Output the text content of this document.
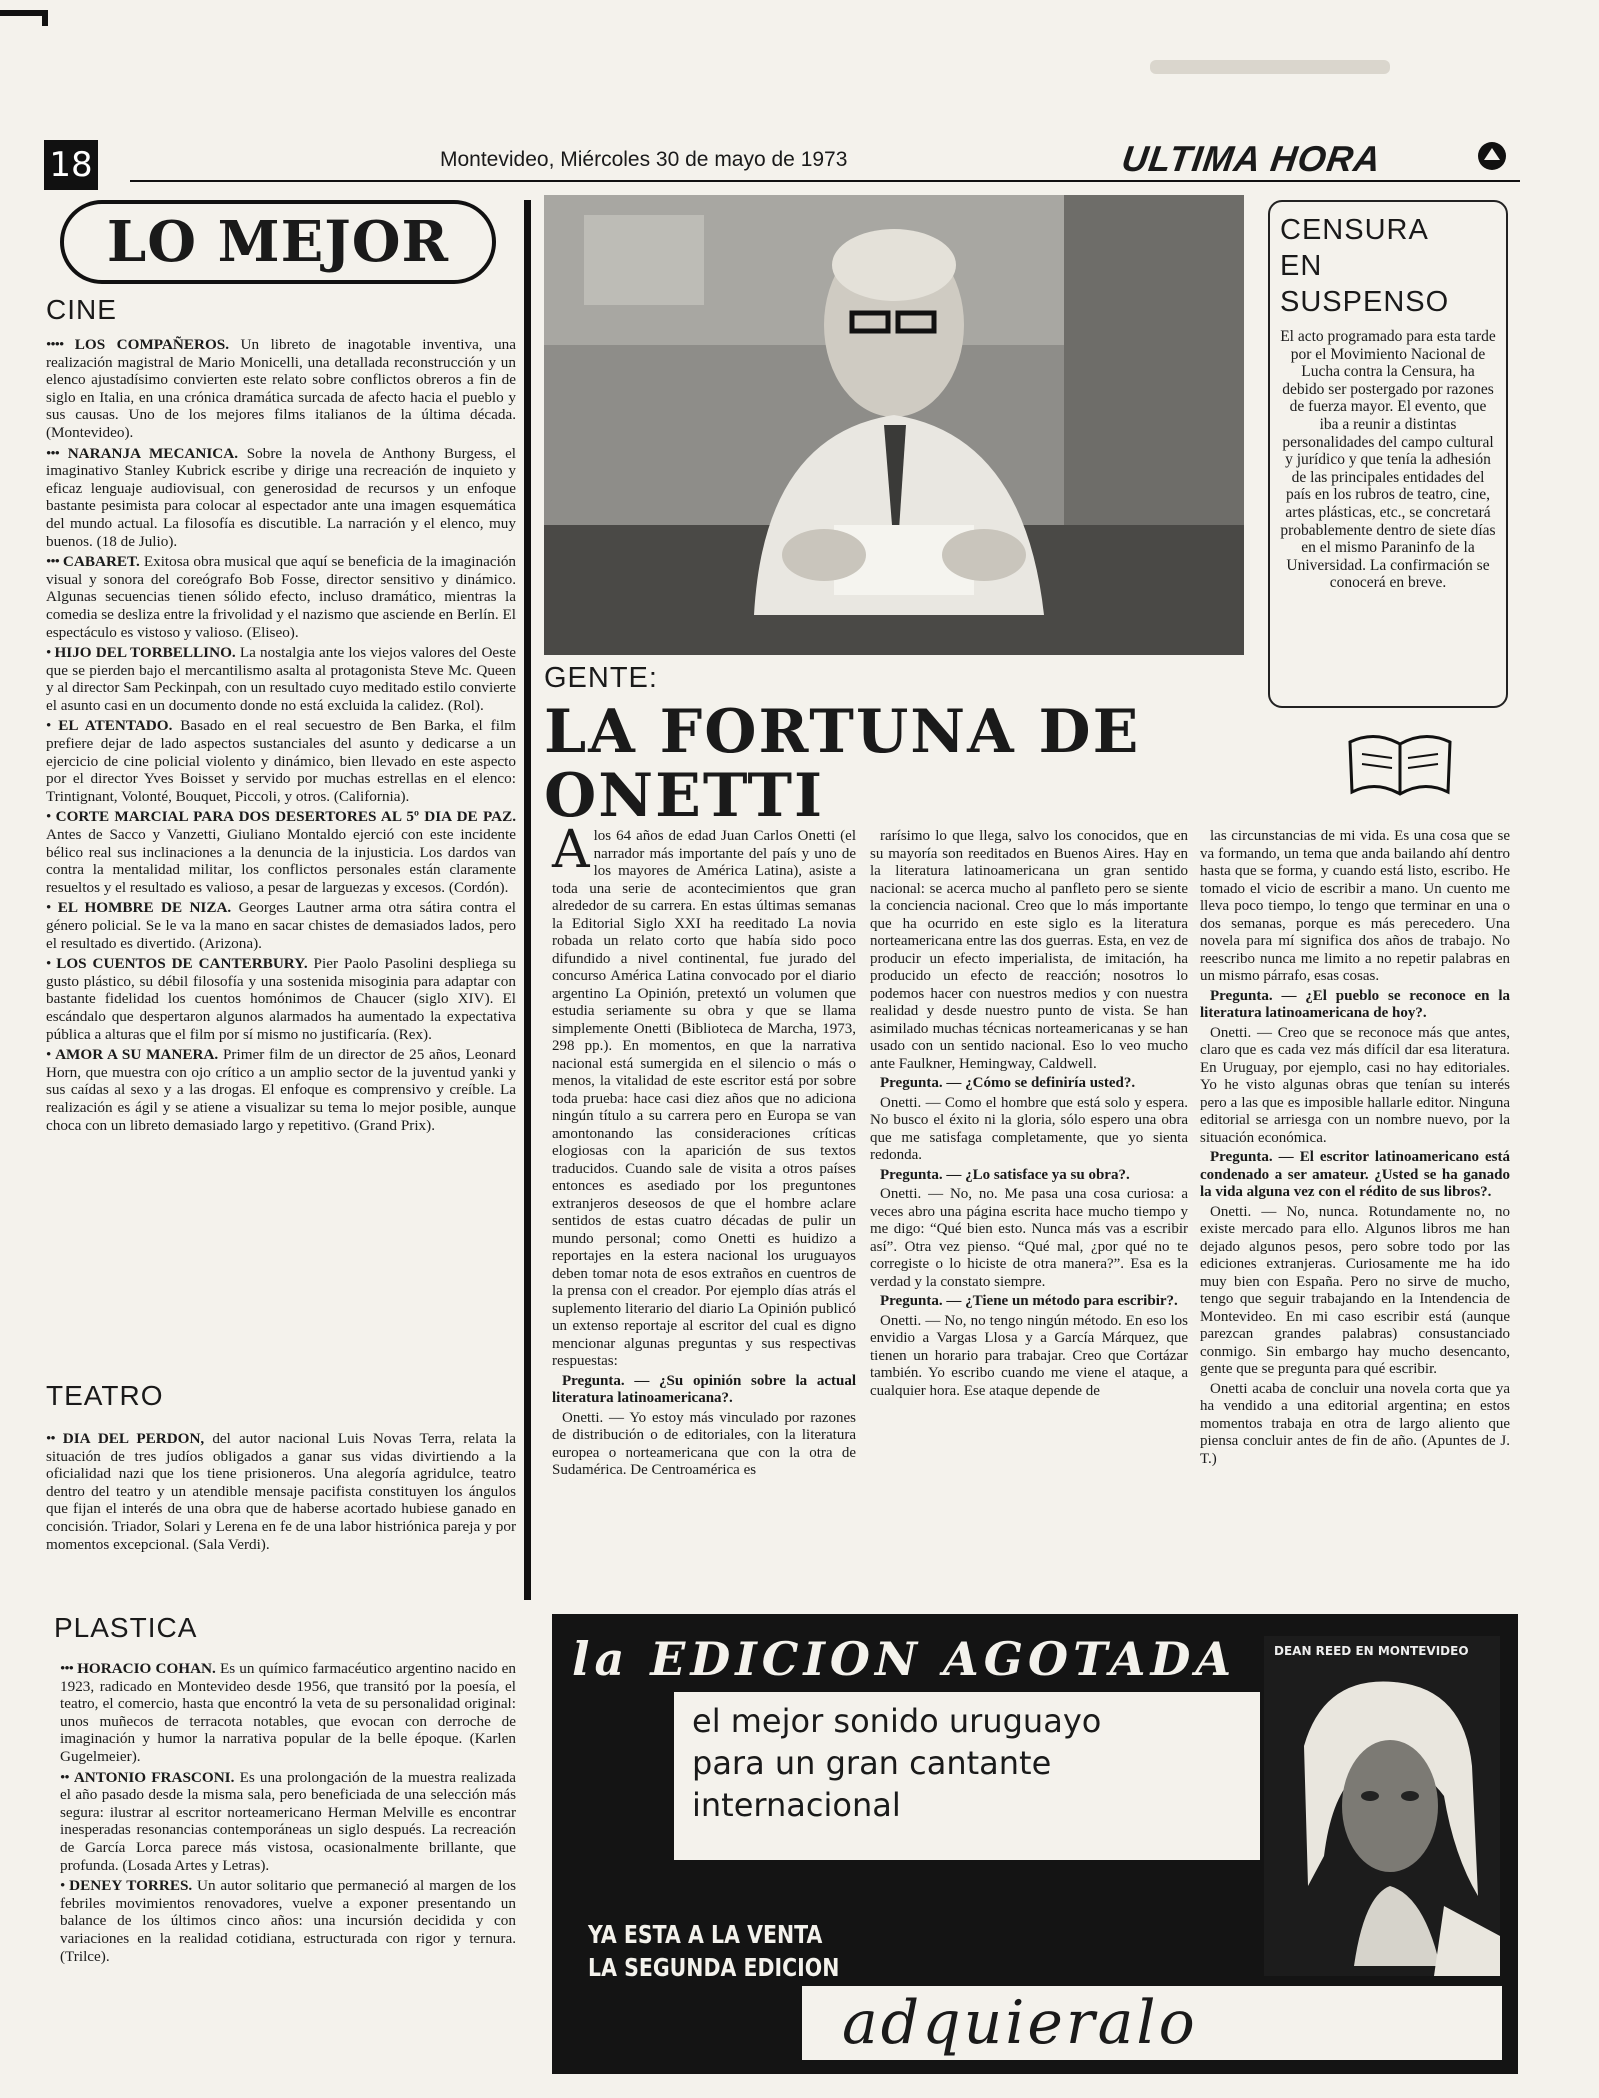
18	Montevideo, Miércoles 30 de mayo de 1973	ULTIMA HORA
LO MEJOR
CINE

•••• LOS COMPAÑEROS. Un libreto de inagotable inventiva, una realización magistral de Mario Monicelli, una detallada reconstrucción y un elenco ajustadísimo convierten este relato sobre conflictos obreros a fin de siglo en Italia, en una crónica dramática surcada de afecto hacia el pueblo y sus causas. Uno de los mejores films italianos de la última década. (Montevideo).

••• NARANJA MECANICA. Sobre la novela de Anthony Burgess, el imaginativo Stanley Kubrick escribe y dirige una recreación de inquieto y eficaz lenguaje audiovisual, con generosidad de recursos y un enfoque bastante pesimista para colocar al espectador ante una imagen esquemática del mundo actual. La filosofía es discutible. La narración y el elenco, muy buenos. (18 de Julio).

••• CABARET. Exitosa obra musical que aquí se beneficia de la imaginación visual y sonora del coreógrafo Bob Fosse, director sensitivo y dinámico. Algunas secuencias tienen sólido efecto, incluso dramático, mientras la comedia se desliza entre la frivolidad y el nazismo que asciende en Berlín. El espectáculo es vistoso y valioso. (Eliseo).

• HIJO DEL TORBELLINO. La nostalgia ante los viejos valores del Oeste que se pierden bajo el mercantilismo asalta al protagonista Steve Mc. Queen y al director Sam Peckinpah, con un resultado cuyo meditado estilo convierte el asunto casi en un documento donde no está excluida la calidez. (Rol).

• EL ATENTADO. Basado en el real secuestro de Ben Barka, el film prefiere dejar de lado aspectos sustanciales del asunto y dedicarse a un ejercicio de cine policial violento y dinámico, bien llevado en este aspecto por el director Yves Boisset y servido por muchas estrellas en el elenco: Trintignant, Volonté, Bouquet, Piccoli, y otros. (California).

• CORTE MARCIAL PARA DOS DESERTORES AL 5º DIA DE PAZ. Antes de Sacco y Vanzetti, Giuliano Montaldo ejerció con este incidente bélico real sus inclinaciones a la denuncia de la injusticia. Los dardos van contra la mentalidad militar, los conflictos personales están claramente resueltos y el resultado es valioso, a pesar de larguezas y excesos. (Cordón).

• EL HOMBRE DE NIZA. Georges Lautner arma otra sátira contra el género policial. Se le va la mano en sacar chistes de demasiados lados, pero el resultado es divertido. (Arizona).

• LOS CUENTOS DE CANTERBURY. Pier Paolo Pasolini despliega su gusto plástico, su débil filosofía y una sostenida misoginia para adaptar con bastante fidelidad los cuentos homónimos de Chaucer (siglo XIV). El escándalo que despertaron algunos alarmados ha aumentado la expectativa pública a alturas que el film por sí mismo no justificaría. (Rex).

• AMOR A SU MANERA. Primer film de un director de 25 años, Leonard Horn, que muestra con ojo crítico a un amplio sector de la juventud yanki y sus caídas al sexo y a las drogas. El enfoque es comprensivo y creíble. La realización es ágil y se atiene a visualizar su tema lo mejor posible, aunque choca con un libreto demasiado largo y repetitivo. (Grand Prix).

TEATRO

•• DIA DEL PERDON, del autor nacional Luis Novas Terra, relata la situación de tres judíos obligados a ganar sus vidas divirtiendo a la oficialidad nazi que los tiene prisioneros. Una alegoría agridulce, teatro dentro del teatro y un atendible mensaje pacifista constituyen los ángulos que fijan el interés de una obra que de haberse acortado hubiese ganado en concisión. Triador, Solari y Lerena en fe de una labor histriónica pareja y por momentos excepcional. (Sala Verdi).

PLASTICA

••• HORACIO COHAN. Es un químico farmacéutico argentino nacido en 1923, radicado en Montevideo desde 1956, que transitó por la poesía, el teatro, el comercio, hasta que encontró la veta de su personalidad original: unos muñecos de terracota notables, que evocan con derroche de imaginación y humor la narrativa popular de la belle époque. (Karlen Gugelmeier).

•• ANTONIO FRASCONI. Es una prolongación de la muestra realizada el año pasado desde la misma sala, pero beneficiada de una selección más segura: ilustrar al escritor norteamericano Herman Melville es encontrar inesperadas resonancias contemporáneas un siglo después. La recreación de García Lorca parece más vistosa, ocasionalmente brillante, que profunda. (Losada Artes y Letras).

• DENEY TORRES. Un autor solitario que permaneció al margen de los febriles movimientos renovadores, vuelve a exponer presentando un balance de los últimos cinco años: una incursión decidida y con variaciones en la realidad cotidiana, estructurada con rigor y ternura. (Trilce).

CENSURA
EN
SUSPENSO
El acto programado para esta tarde por el Movimiento Nacional de Lucha contra la Censura, ha debido ser postergado por razones de fuerza mayor. El evento, que iba a reunir a distintas personalidades del campo cultural y jurídico y que tenía la adhesión de las principales entidades del país en los rubros de teatro, cine, artes plásticas, etc., se concretará probablemente dentro de siete días en el mismo Paraninfo de la Universidad. La confirmación se conocerá en breve.
GENTE:
LA FORTUNA DE ONETTI

Alos 64 años de edad Juan Carlos Onetti (el narrador más importante del país y uno de los mayores de América Latina), asiste a toda una serie de acontecimientos que gran alrededor de su carrera. En estas últimas semanas la Editorial Siglo XXI ha reeditado La novia robada un relato corto que había sido poco difundido a nivel continental, fue jurado del concurso América Latina convocado por el diario argentino La Opinión, pretextó un volumen que estudia seriamente su obra y que se llama simplemente Onetti (Biblioteca de Marcha, 1973, 298 pp.). En momentos, en que la narrativa nacional está sumergida en el silencio o más o menos, la vitalidad de este escritor está por sobre toda prueba: hace casi diez años que no adiciona ningún título a su carrera pero en Europa se van amontonando las consideraciones críticas elogiosas con la aparición de sus textos traducidos. Cuando sale de visita a otros países entonces es asediado por los preguntones extranjeros deseosos de que el hombre aclare sentidos de estas cuatro décadas de pulir un mundo personal; como Onetti es huidizo a reportajes en la estera nacional los uruguayos deben tomar nota de esos extraños en cuentros de la prensa con el creador. Por ejemplo días atrás el suplemento literario del diario La Opinión publicó un extenso reportaje al escritor del cual es digno mencionar algunas preguntas y sus respectivas respuestas:

Pregunta. — ¿Su opinión sobre la actual literatura latinoamericana?.

Onetti. — Yo estoy más vinculado por razones de distribución o de editoriales, con la literatura europea o norteamericana que con la otra de Sudamérica. De Centroamérica es

rarísimo lo que llega, salvo los conocidos, que en su mayoría son reeditados en Buenos Aires. Hay en la literatura latinoamericana un gran sentido nacional: se acerca mucho al panfleto pero se siente la conciencia nacional. Creo que lo más importante que ha ocurrido en este siglo es la literatura norteamericana entre las dos guerras. Esta, en vez de producir un efecto imperialista, de imitación, ha producido un efecto de reacción; nosotros lo podemos hacer con nuestros medios y con nuestra realidad y desde nuestro punto de vista. Se han asimilado muchas técnicas norteamericanas y se han usado con un sentido nacional. Eso lo veo mucho ante Faulkner, Hemingway, Caldwell.

Pregunta. — ¿Cómo se definiría usted?.

Onetti. — Como el hombre que está solo y espera. No busco el éxito ni la gloria, sólo espero una obra que me satisfaga completamente, que yo sienta redonda.

Pregunta. — ¿Lo satisface ya su obra?.

Onetti. — No, no. Me pasa una cosa curiosa: a veces abro una página escrita hace mucho tiempo y me digo: “Qué bien esto. Nunca más vas a escribir así”. Otra vez pienso. “Qué mal, ¿por qué no te corregiste o lo hiciste de otra manera?”. Esa es la verdad y la constato siempre.

Pregunta. — ¿Tiene un método para escribir?.

Onetti. — No, no tengo ningún método. En eso los envidio a Vargas Llosa y a García Márquez, que tienen un horario para trabajar. Creo que Cortázar también. Yo escribo cuando me viene el ataque, a cualquier hora. Ese ataque depende de

las circunstancias de mi vida. Es una cosa que se va formando, un tema que anda bailando ahí dentro hasta que se forma, y cuando está listo, escribo. He tomado el vicio de escribir a mano. Un cuento me lleva poco tiempo, lo tengo que terminar en una o dos semanas, porque es más perecedero. Una novela para mí significa dos años de trabajo. No reescribo nunca me limito a no repetir palabras en un mismo párrafo, esas cosas.

Pregunta. — ¿El pueblo se reconoce en la literatura latinoamericana de hoy?.

Onetti. — Creo que se reconoce más que antes, claro que es cada vez más difícil dar esa literatura. En Uruguay, por ejemplo, casi no hay editoriales. Yo he visto algunas obras que tenían su interés pero a las que es imposible hallarle editor. Ninguna editorial se arriesga con un nombre nuevo, por la situación económica.

Pregunta. — El escritor latinoamericano está condenado a ser amateur. ¿Usted se ha ganado la vida alguna vez con el rédito de sus libros?.

Onetti. — No, nunca. Rotundamente no, no existe mercado para ello. Algunos libros me han dejado algunos pesos, pero sobre todo por las ediciones extranjeras. Curiosamente me ha ido muy bien con España. Pero no sirve de mucho, tengo que seguir trabajando en la Intendencia de Montevideo. En mi caso escribir está (aunque parezcan grandes palabras) consustanciado conmigo. Sin embargo hay mucho desencanto, gente que se pregunta para qué escribir.

Onetti acaba de concluir una novela corta que ya ha vendido a una editorial argentina; en estos momentos trabaja en otra de largo aliento que piensa concluir antes de fin de año. (Apuntes de J. T.)

la EDICION AGOTADA
el mejor sonido uruguayo
para un gran cantante
internacional
DEAN REED EN MONTEVIDEO
YA ESTA A LA VENTA
LA SEGUNDA EDICION
adquieralo
